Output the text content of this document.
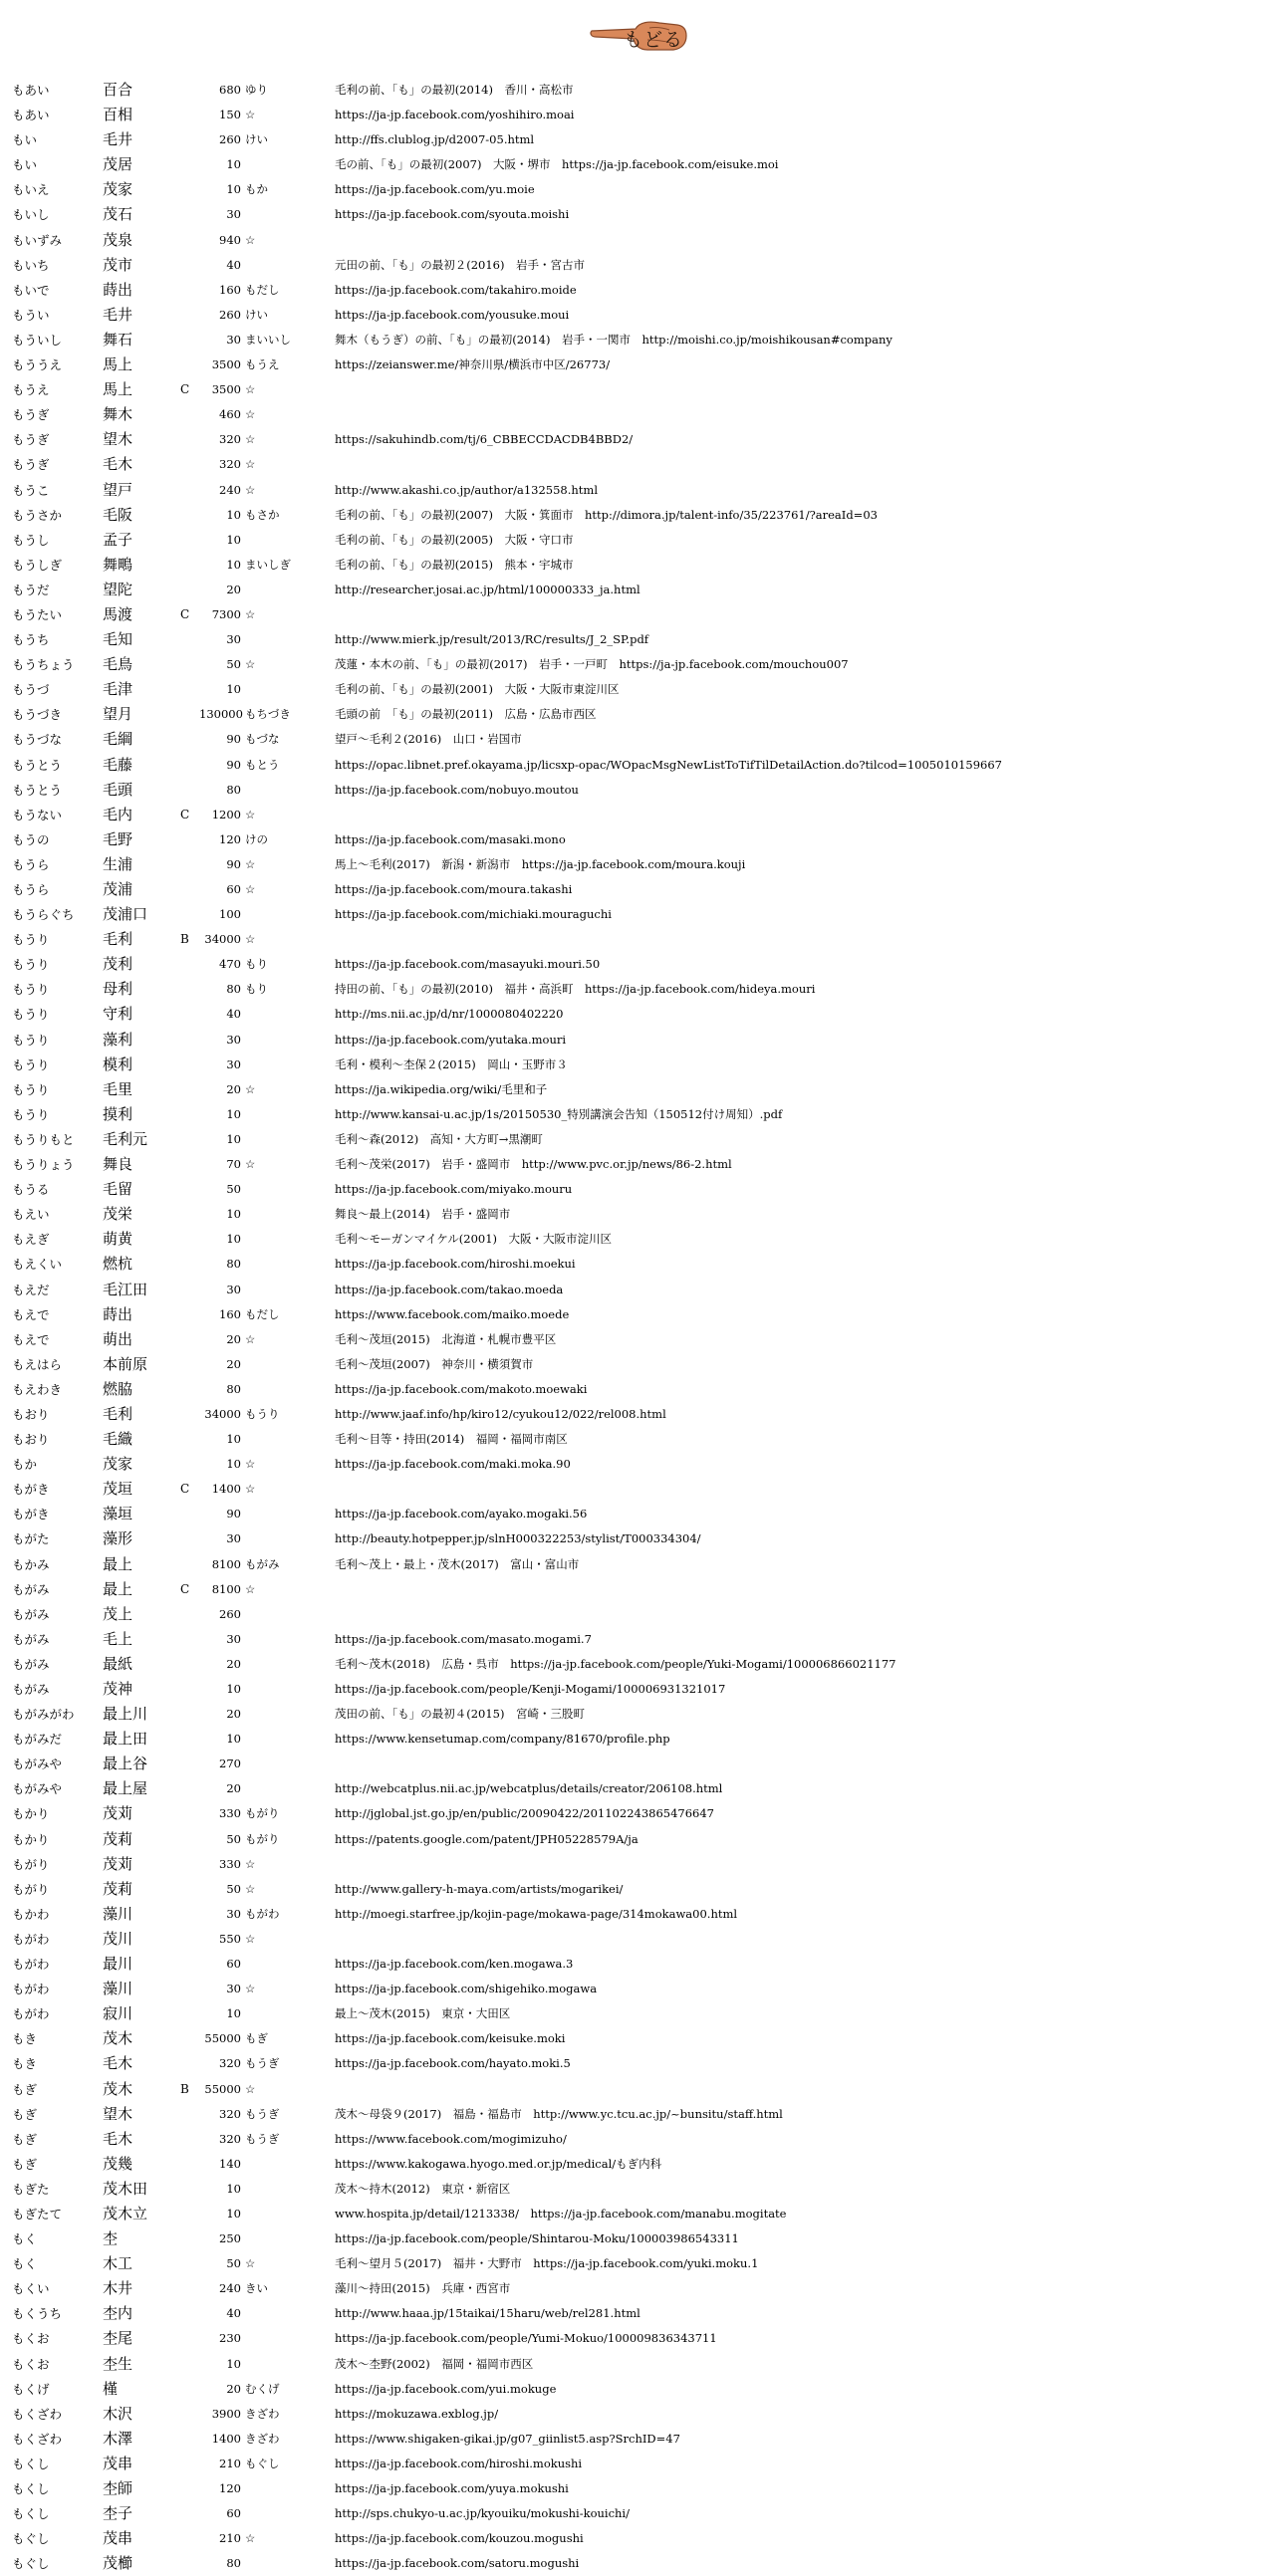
もどる
もあい	百合	680 ゆり	毛利の前、「も」の最初(2014)　香川・高松市
もあい	百相	150 ☆	https://ja-jp.facebook.com/yoshihiro.moai
もい	毛井	260 けい	http://ffs.clublog.jp/d2007-05.html
もい	茂居	10	毛の前、「も」の最初(2007)　大阪・堺市　https://ja-jp.facebook.com/eisuke.moi
もいえ	茂家	10 もか	https://ja-jp.facebook.com/yu.moie
もいし	茂石	30	https://ja-jp.facebook.com/syouta.moishi
もいずみ	茂泉	940 ☆
もいち	茂市	40	元田の前、「も」の最初２(2016)　岩手・宮古市
もいで	蒔出	160 もだし	https://ja-jp.facebook.com/takahiro.moide
もうい	毛井	260 けい	https://ja-jp.facebook.com/yousuke.moui
もういし	舞石	30 まいいし	舞木（もうぎ）の前、「も」の最初(2014)　岩手・一関市　http://moishi.co.jp/moishikousan#company
もううえ	馬上	3500 もうえ	https://zeianswer.me/神奈川県/横浜市中区/26773/
もうえ	馬上	C	3500 ☆
もうぎ	舞木	460 ☆
もうぎ	望木	320 ☆	https://sakuhindb.com/tj/6_CBBECCDACDB4BBD2/
もうぎ	毛木	320 ☆
もうこ	望戸	240 ☆	http://www.akashi.co.jp/author/a132558.html
もうさか	毛阪	10 もさか	毛利の前、「も」の最初(2007)　大阪・箕面市　http://dimora.jp/talent-info/35/223761/?areaId=03
もうし	孟子	10	毛利の前、「も」の最初(2005)　大阪・守口市
もうしぎ	舞鴫	10 まいしぎ	毛利の前、「も」の最初(2015)　熊本・宇城市
もうだ	望陀	20	http://researcher.josai.ac.jp/html/100000333_ja.html
もうたい	馬渡	C	7300 ☆
もうち	毛知	30	http://www.mierk.jp/result/2013/RC/results/J_2_SP.pdf
もうちょう 毛鳥	50 ☆	茂蓮・本木の前、「も」の最初(2017)　岩手・一戸町　https://ja-jp.facebook.com/mouchou007
もうづ	毛津	10	毛利の前、「も」の最初(2001)　大阪・大阪市東淀川区
もうづき	望月	130000 もちづき	毛頭の前　「も」の最初(2011)　広島・広島市西区
もうづな	毛綱	90 もづな	望戸～毛利２(2016)　山口・岩国市
もうとう	毛藤	90 もとう	https://opac.libnet.pref.okayama.jp/licsxp-opac/WOpacMsgNewListToTifTilDetailAction.do?tilcod=1005010159667
もうとう	毛頭	80	https://ja-jp.facebook.com/nobuyo.moutou
もうない	毛内	C	1200 ☆
もうの	毛野	120 けの	https://ja-jp.facebook.com/masaki.mono
もうら	生浦	90 ☆	馬上～毛利(2017)　新潟・新潟市　https://ja-jp.facebook.com/moura.kouji
もうら	茂浦	60 ☆	https://ja-jp.facebook.com/moura.takashi
もうらぐち 茂浦口	100	https://ja-jp.facebook.com/michiaki.mouraguchi
もうり	毛利	B	34000 ☆
もうり	茂利	470 もり	https://ja-jp.facebook.com/masayuki.mouri.50
もうり	母利	80 もり	持田の前、「も」の最初(2010)　福井・高浜町　https://ja-jp.facebook.com/hideya.mouri
もうり	守利	40	http://ms.nii.ac.jp/d/nr/1000080402220
もうり	藻利	30	https://ja-jp.facebook.com/yutaka.mouri
もうり	模利	30	毛利・模利～杢保２(2015)　岡山・玉野市３
もうり	毛里	20 ☆	https://ja.wikipedia.org/wiki/毛里和子
もうり	摸利	10	http://www.kansai-u.ac.jp/1s/20150530_特別講演会告知（150512付け周知）.pdf
もうりもと 毛利元	10	毛利～森(2012)　高知・大方町→黒潮町
もうりょう 舞良	70 ☆	毛利～茂栄(2017)　岩手・盛岡市　http://www.pvc.or.jp/news/86-2.html
もうる	毛留	50	https://ja-jp.facebook.com/miyako.mouru
もえい	茂栄	10	舞良～最上(2014)　岩手・盛岡市
もえぎ	萌黄	10	毛利～モーガンマイケル(2001)　大阪・大阪市淀川区
もえくい	燃杭	80	https://ja-jp.facebook.com/hiroshi.moekui
もえだ	毛江田	30	https://ja-jp.facebook.com/takao.moeda
もえで	蒔出	160 もだし	https://www.facebook.com/maiko.moede
もえで	萌出	20 ☆	毛利～茂垣(2015)　北海道・札幌市豊平区
もえはら	本前原	20	毛利～茂垣(2007)　神奈川・横須賀市
もえわき	燃脇	80	https://ja-jp.facebook.com/makoto.moewaki
もおり	毛利	34000 もうり	http://www.jaaf.info/hp/kiro12/cyukou12/022/rel008.html
もおり	毛織	10	毛利～目等・持田(2014)　福岡・福岡市南区
もか	茂家	10 ☆	https://ja-jp.facebook.com/maki.moka.90
もがき	茂垣	C	1400 ☆
もがき	藻垣	90	https://ja-jp.facebook.com/ayako.mogaki.56
もがた	藻形	30	http://beauty.hotpepper.jp/slnH000322253/stylist/T000334304/
もかみ	最上	8100 もがみ	毛利～茂上・最上・茂木(2017)　富山・富山市
もがみ	最上	C	8100 ☆
もがみ	茂上	260
もがみ	毛上	30	https://ja-jp.facebook.com/masato.mogami.7
もがみ	最紙	20	毛利～茂木(2018)　広島・呉市　https://ja-jp.facebook.com/people/Yuki-Mogami/100006866021177
もがみ	茂神	10	https://ja-jp.facebook.com/people/Kenji-Mogami/100006931321017
もがみがわ 最上川	20	茂田の前、「も」の最初４(2015)　宮崎・三股町
もがみだ	最上田	10	https://www.kensetumap.com/company/81670/profile.php
もがみや	最上谷	270
もがみや	最上屋	20	http://webcatplus.nii.ac.jp/webcatplus/details/creator/206108.html
もかり	茂苅	330 もがり	http://jglobal.jst.go.jp/en/public/20090422/201102243865476647
もかり	茂莉	50 もがり	https://patents.google.com/patent/JPH05228579A/ja
もがり	茂苅	330 ☆
もがり	茂莉	50 ☆	http://www.gallery-h-maya.com/artists/mogarikei/
もかわ	藻川	30 もがわ	http://moegi.starfree.jp/kojin-page/mokawa-page/314mokawa00.html
もがわ	茂川	550 ☆
もがわ	最川	60	https://ja-jp.facebook.com/ken.mogawa.3
もがわ	藻川	30 ☆	https://ja-jp.facebook.com/shigehiko.mogawa
もがわ	寂川	10	最上～茂木(2015)　東京・大田区
もき	茂木	55000 もぎ	https://ja-jp.facebook.com/keisuke.moki
もき	毛木	320 もうぎ	https://ja-jp.facebook.com/hayato.moki.5
もぎ	茂木	B	55000 ☆
もぎ	望木	320 もうぎ	茂木～母袋９(2017)　福島・福島市　http://www.yc.tcu.ac.jp/~bunsitu/staff.html
もぎ	毛木	320 もうぎ	https://www.facebook.com/mogimizuho/
もぎ	茂幾	140	https://www.kakogawa.hyogo.med.or.jp/medical/もぎ内科
もぎた	茂木田	10	茂木～持木(2012)　東京・新宿区
もぎたて	茂木立	10	www.hospita.jp/detail/1213338/　https://ja-jp.facebook.com/manabu.mogitate
もく	杢	250	https://ja-jp.facebook.com/people/Shintarou-Moku/100003986543311
もく	木工	50 ☆	毛利～望月５(2017)　福井・大野市　https://ja-jp.facebook.com/yuki.moku.1
もくい	木井	240 きい	藻川～持田(2015)　兵庫・西宮市
もくうち	杢内	40	http://www.haaa.jp/15taikai/15haru/web/rel281.html
もくお	杢尾	230	https://ja-jp.facebook.com/people/Yumi-Mokuo/100009836343711
もくお	杢生	10	茂木～杢野(2002)　福岡・福岡市西区
もくげ	槿	20 むくげ	https://ja-jp.facebook.com/yui.mokuge
もくざわ	木沢	3900 きざわ	https://mokuzawa.exblog.jp/
もくざわ	木澤	1400 きざわ	https://www.shigaken-gikai.jp/g07_giinlist5.asp?SrchID=47
もくし	茂串	210 もぐし	https://ja-jp.facebook.com/hiroshi.mokushi
もくし	杢師	120	https://ja-jp.facebook.com/yuya.mokushi
もくし	杢子	60	http://sps.chukyo-u.ac.jp/kyouiku/mokushi-kouichi/
もぐし	茂串	210 ☆	https://ja-jp.facebook.com/kouzou.mogushi
もぐし	茂櫛	80	https://ja-jp.facebook.com/satoru.mogushi
